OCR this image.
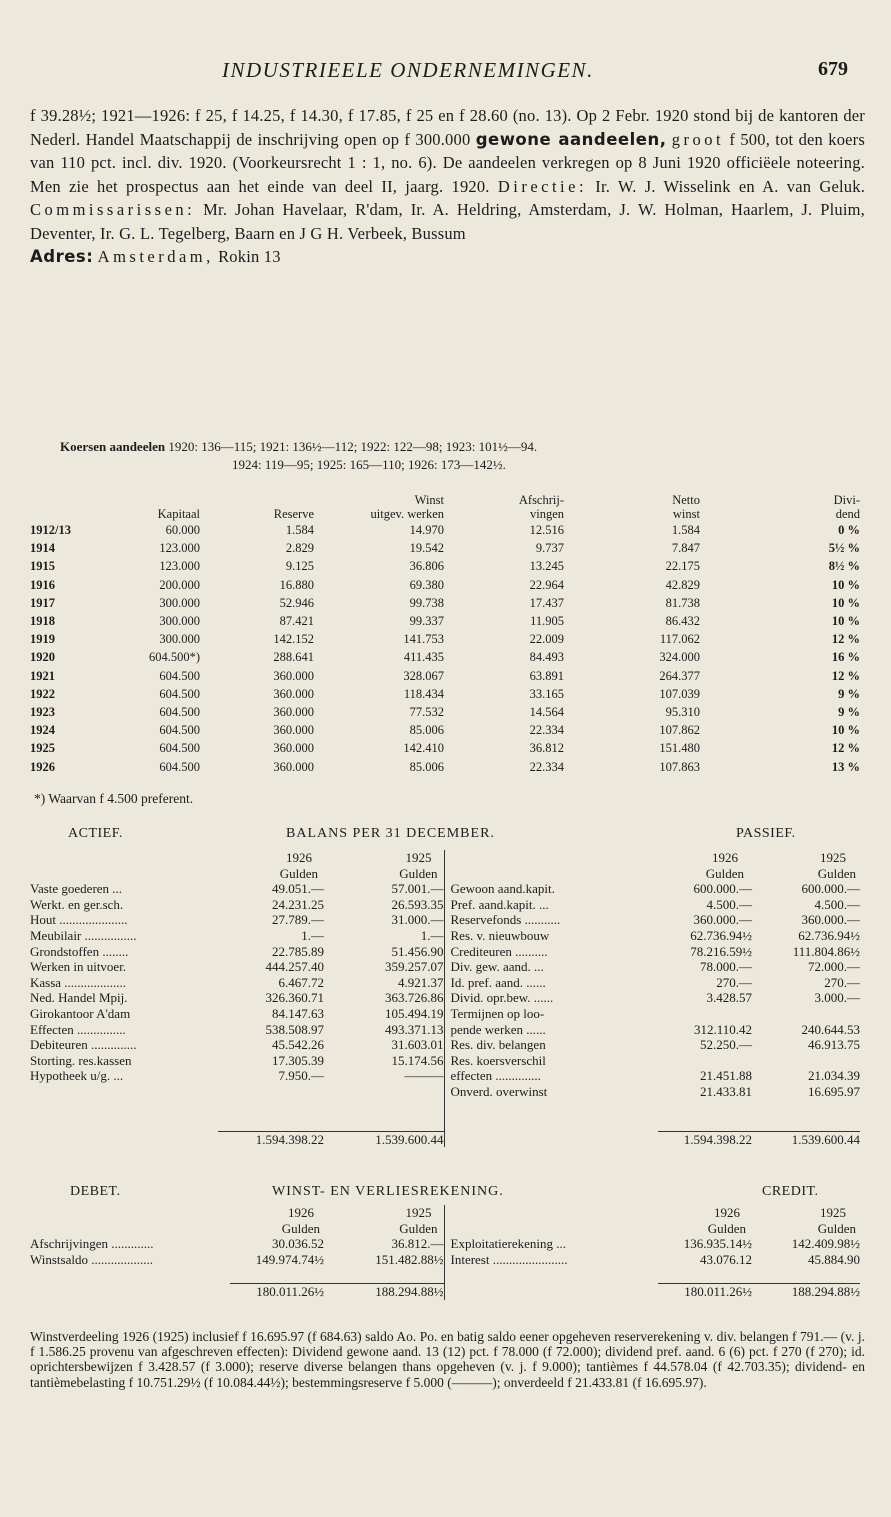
INDUSTRIEELE ONDERNEMINGEN.	679
f 39.28½; 1921—1926: f 25, f 14.25, f 14.30, f 17.85, f 25 en f 28.60 (no. 13). Op 2 Febr. 1920 stond bij de kantoren der Nederl. Handel Maatschappij de inschrijving open op f 300.000 gewone aandeelen, groot f 500, tot den koers van 110 pct. incl. div. 1920. (Voorkeursrecht 1 : 1, no. 6). De aandeelen verkregen op 8 Juni 1920 officiëele noteering. Men zie het prospectus aan het einde van deel II, jaarg. 1920. Directie: Ir. W. J. Wisselink en A. van Geluk. Commissarissen: Mr. Johan Havelaar, R'dam, Ir. A. Heldring, Amsterdam, J. W. Holman, Haarlem, J. Pluim, Deventer, Ir. G. L. Tegelberg, Baarn en J G H. Verbeek, Bussum
Adres: Amsterdam, Rokin 13
Koersen aandeelen 1920: 136—115; 1921: 136½—112; 1922: 122—98; 1923: 101½—94.
1924: 119—95; 1925: 165—110; 1926: 173—142½.
			Winst	Afschrij-	Netto	Divi-
	Kapitaal	Reserve	uitgev. werken	vingen	winst	dend
1912/13	60.000	1.584	14.970	12.516	1.584	0 %
1914	123.000	2.829	19.542	9.737	7.847	5½ %
1915	123.000	9.125	36.806	13.245	22.175	8½ %
1916	200.000	16.880	69.380	22.964	42.829	10 %
1917	300.000	52.946	99.738	17.437	81.738	10 %
1918	300.000	87.421	99.337	11.905	86.432	10 %
1919	300.000	142.152	141.753	22.009	117.062	12 %
1920	604.500*)	288.641	411.435	84.493	324.000	16 %
1921	604.500	360.000	328.067	63.891	264.377	12 %
1922	604.500	360.000	118.434	33.165	107.039	9 %
1923	604.500	360.000	77.532	14.564	95.310	9 %
1924	604.500	360.000	85.006	22.334	107.862	10 %
1925	604.500	360.000	142.410	36.812	151.480	12 %
1926	604.500	360.000	85.006	22.334	107.863	13 %
*) Waarvan f 4.500 preferent.
ACTIEF.	BALANS PER 31 DECEMBER.	PASSIEF.
	1926	1925		1926	1925
	Gulden	Gulden		Gulden	Gulden
Vaste goederen ...	49.051.—	57.001.—	Gewoon aand.kapit.	600.000.—	600.000.—
Werkt. en ger.sch.	24.231.25	26.593.35	Pref. aand.kapit. ...	4.500.—	4.500.—
Hout .....................	27.789.—	31.000.—	Reservefonds ...........	360.000.—	360.000.—
Meubilair ................	1.—	1.—	Res. v. nieuwbouw	62.736.94½	62.736.94½
Grondstoffen ........	22.785.89	51.456.90	Crediteuren ..........	78.216.59½	111.804.86½
Werken in uitvoer.	444.257.40	359.257.07	Div. gew. aand. ...	78.000.—	72.000.—
Kassa ...................	6.467.72	4.921.37	Id. pref. aand. ......	270.—	270.—
Ned. Handel Mpij.	326.360.71	363.726.86	Divid. opr.bew. ......	3.428.57	3.000.—
Girokantoor A'dam	84.147.63	105.494.19	Termijnen op loo-		
Effecten ...............	538.508.97	493.371.13	pende werken ......	312.110.42	240.644.53
Debiteuren ..............	45.542.26	31.603.01	Res. div. belangen	52.250.—	46.913.75
Storting. res.kassen	17.305.39	15.174.56	Res. koersverschil		
Hypotheek u/g. ...	7.950.—	———	effecten ..............	21.451.88	21.034.39
			Onverd. overwinst	21.433.81	16.695.97

	1.594.398.22	1.539.600.44		1.594.398.22	1.539.600.44
DEBET.	WINST- EN VERLIESREKENING.	CREDIT.
	1926	1925		1926	1925
	Gulden	Gulden		Gulden	Gulden
Afschrijvingen .............	30.036.52	36.812.—	Exploitatierekening ...	136.935.14½	142.409.98½
Winstsaldo ...................	149.974.74½	151.482.88½	Interest .......................	43.076.12	45.884.90

	180.011.26½	188.294.88½		180.011.26½	188.294.88½
Winstverdeeling 1926 (1925) inclusief f 16.695.97 (f 684.63) saldo Ao. Po. en batig saldo eener opgeheven reserverekening v. div. belangen f 791.— (v. j. f 1.586.25 provenu van afgeschreven effecten): Dividend gewone aand. 13 (12) pct. f 78.000 (f 72.000); dividend pref. aand. 6 (6) pct. f 270 (f 270); id. oprichtersbewijzen f 3.428.57 (f 3.000); reserve diverse belangen thans opgeheven (v. j. f 9.000); tantièmes f 44.578.04 (f 42.703.35); dividend- en tantièmebelasting f 10.751.29½ (f 10.084.44½); bestemmingsreserve f 5.000 (———); onverdeeld f 21.433.81 (f 16.695.97).
